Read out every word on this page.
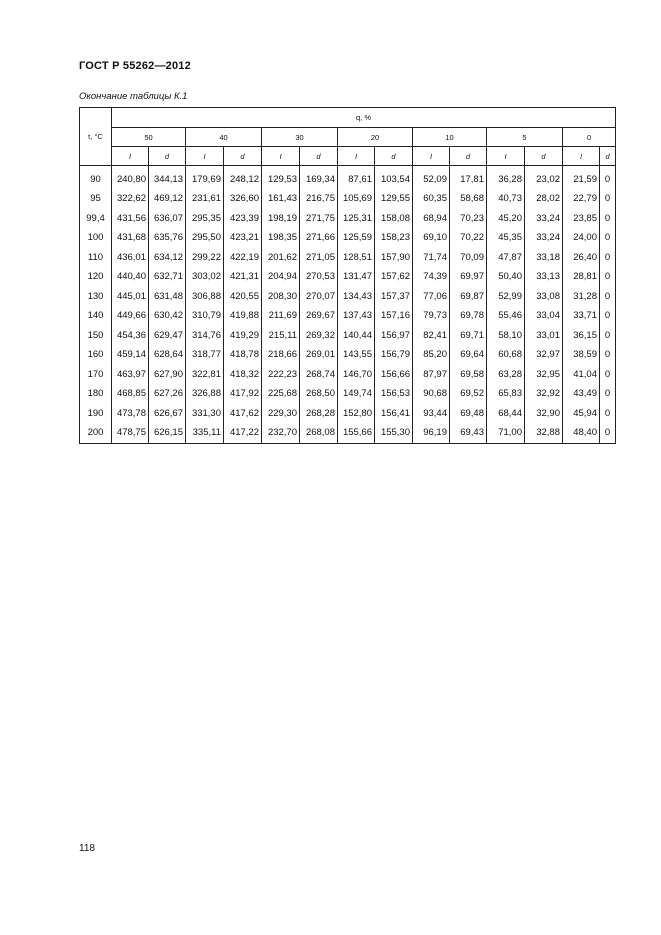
ГОСТ Р 55262—2012
Окончание таблицы К.1
t, °C	q, %													
	50		40		30		20		10		5		0	
	I	d	I	d	I	d	I	d	I	d	I	d	I	d
90	240,80	344,13	179,69	248,12	129,53	169,34	87,61	103,54	52,09	17,81	36,28	23,02	21,59	0
95	322,62	469,12	231,61	326,60	161,43	216,75	105,69	129,55	60,35	58,68	40,73	28,02	22,79	0
99,4	431,56	636,07	295,35	423,39	198,19	271,75	125,31	158,08	68,94	70,23	45,20	33,24	23,85	0
100	431,68	635,76	295,50	423,21	198,35	271,66	125,59	158,23	69,10	70,22	45,35	33,24	24,00	0
110	436,01	634,12	299,22	422,19	201,62	271,05	128,51	157,90	71,74	70,09	47,87	33,18	26,40	0
120	440,40	632,71	303,02	421,31	204,94	270,53	131,47	157,62	74,39	69,97	50,40	33,13	28,81	0
130	445,01	631,48	306,88	420,55	208,30	270,07	134,43	157,37	77,06	69,87	52,99	33,08	31,28	0
140	449,66	630,42	310,79	419,88	211,69	269,67	137,43	157,16	79,73	69,78	55,46	33,04	33,71	0
150	454,36	629,47	314,76	419,29	215,11	269,32	140,44	156,97	82,41	69,71	58,10	33,01	36,15	0
160	459,14	628,64	318,77	418,78	218,66	269,01	143,55	156,79	85,20	69,64	60,68	32,97	38,59	0
170	463,97	627,90	322,81	418,32	222,23	268,74	146,70	156,66	87,97	69,58	63,28	32,95	41,04	0
180	468,85	627,26	326,88	417,92	225,68	268,50	149,74	156,53	90,68	69,52	65,83	32,92	43,49	0
190	473,78	626,67	331,30	417,62	229,30	268,28	152,80	156,41	93,44	69,48	68,44	32,90	45,94	0
200	478,75	626,15	335,11	417,22	232,70	268,08	155,66	155,30	96,19	69,43	71,00	32,88	48,40	0
118
